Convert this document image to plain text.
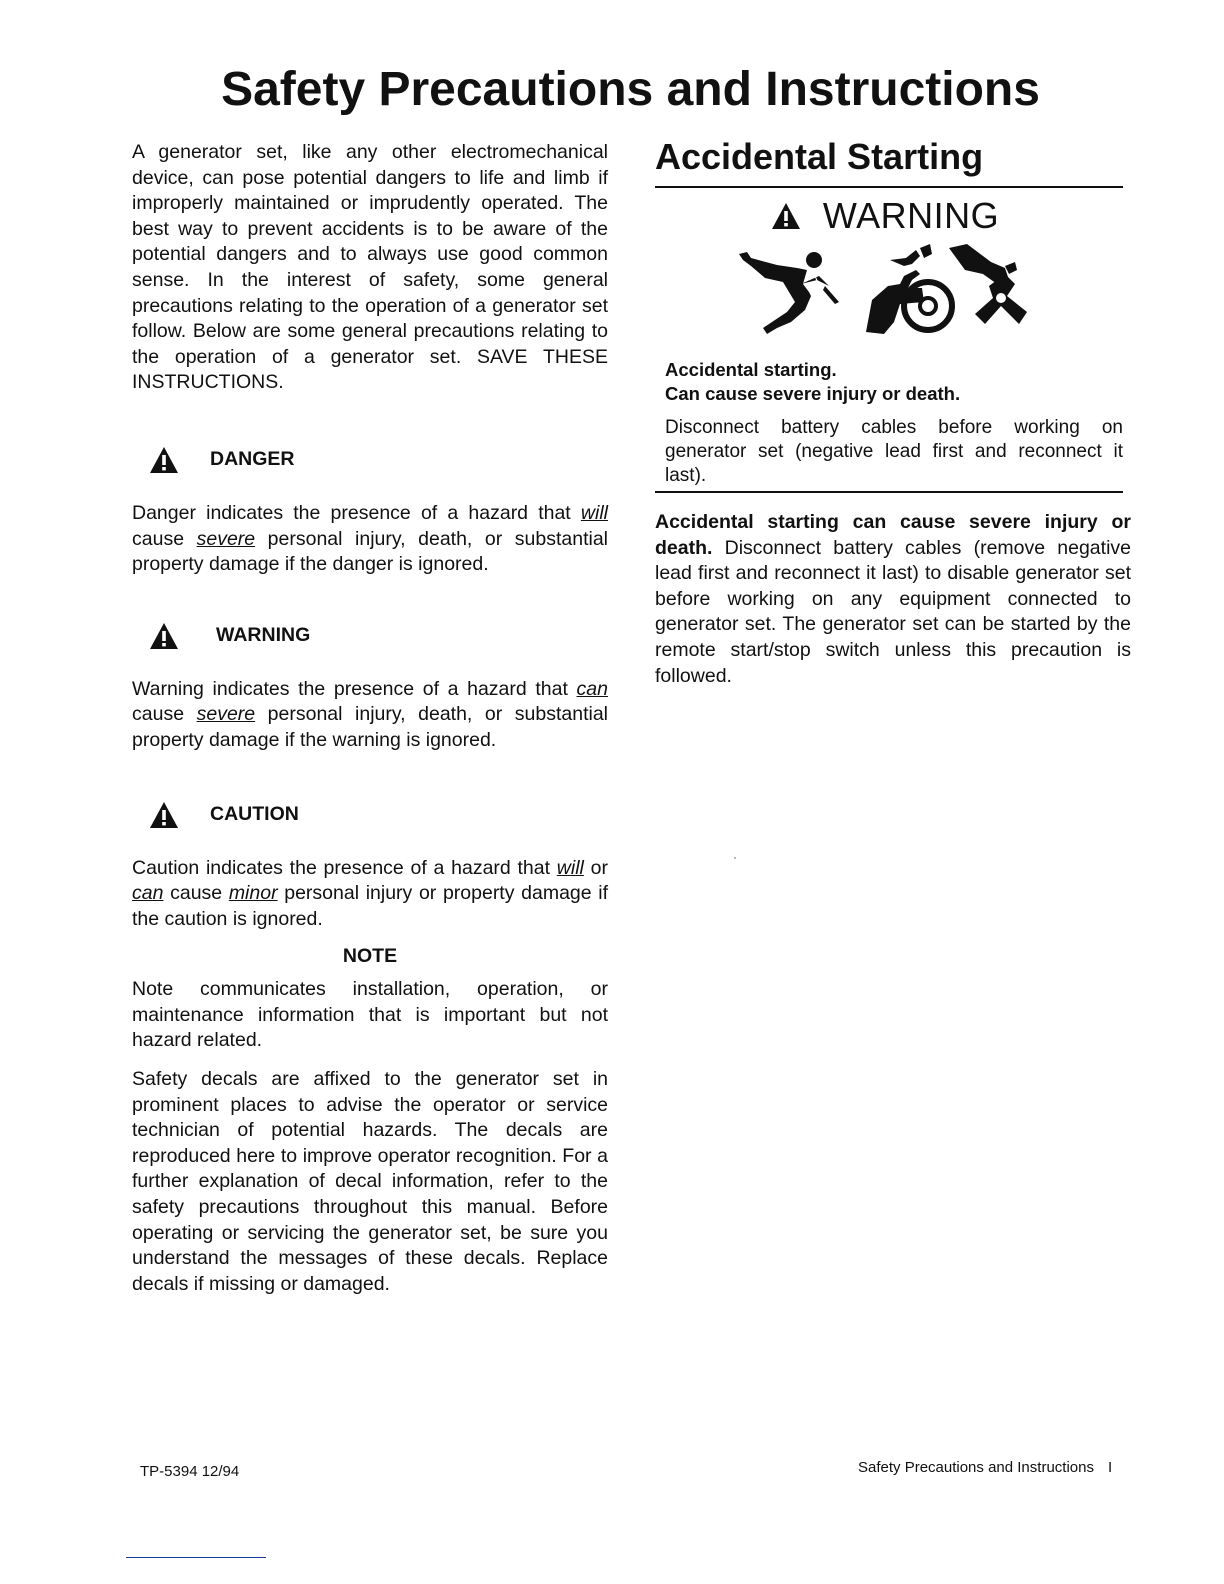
Safety Precautions and Instructions

A generator set, like any other electromechanical device, can pose potential dangers to life and limb if improperly maintained or imprudently operated. The best way to prevent accidents is to be aware of the potential dangers and to always use good common sense. In the interest of safety, some general precautions relating to the operation of a generator set follow. Below are some general precautions relating to the operation of a generator set. SAVE THESE INSTRUCTIONS.

DANGER

Danger indicates the presence of a hazard that will cause severe personal injury, death, or substantial property damage if the danger is ignored.

WARNING

Warning indicates the presence of a hazard that can cause severe personal injury, death, or substantial property damage if the warning is ignored.

CAUTION

Caution indicates the presence of a hazard that will or can cause minor personal injury or property damage if the caution is ignored.

NOTE

Note communicates installation, operation, or maintenance information that is important but not hazard related.

Safety decals are affixed to the generator set in prominent places to advise the operator or service technician of potential hazards. The decals are reproduced here to improve operator recognition. For a further explanation of decal information, refer to the safety precautions throughout this manual. Before operating or servicing the generator set, be sure you understand the messages of these decals. Replace decals if missing or damaged.

Accidental Starting
WARNING

Accidental starting.

Can cause severe injury or death.

Disconnect battery cables before working on generator set (negative lead first and reconnect it last).

Accidental starting can cause severe injury or death. Disconnect battery cables (remove negative lead first and reconnect it last) to disable generator set before working on any equipment connected to generator set. The generator set can be started by the remote start/stop switch unless this precaution is followed.

TP-5394 12/94	Safety Precautions and Instructions I
